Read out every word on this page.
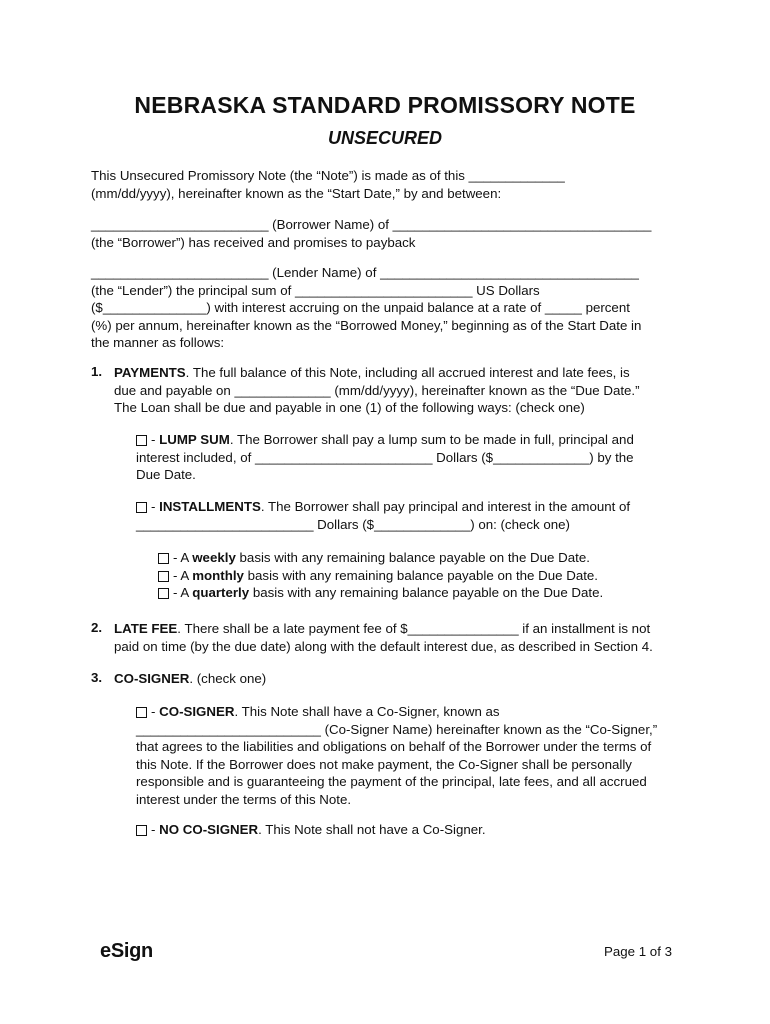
NEBRASKA STANDARD PROMISSORY NOTE
UNSECURED
This Unsecured Promissory Note (the “Note”) is made as of this _____________
(mm/dd/yyyy), hereinafter known as the “Start Date,” by and between:
________________________ (Borrower Name) of ___________________________________
(the “Borrower”) has received and promises to payback
________________________ (Lender Name) of ___________________________________
(the “Lender”) the principal sum of ________________________ US Dollars
($______________) with interest accruing on the unpaid balance at a rate of _____ percent
(%) per annum, hereinafter known as the “Borrowed Money,” beginning as of the Start Date in
the manner as follows:
1. PAYMENTS. The full balance of this Note, including all accrued interest and late fees, is
due and payable on _____________ (mm/dd/yyyy), hereinafter known as the “Due Date.”
The Loan shall be due and payable in one (1) of the following ways: (check one)
- LUMP SUM. The Borrower shall pay a lump sum to be made in full, principal and
interest included, of ________________________ Dollars ($_____________) by the
Due Date.
- INSTALLMENTS. The Borrower shall pay principal and interest in the amount of
________________________ Dollars ($_____________) on: (check one)
- A weekly basis with any remaining balance payable on the Due Date.
- A monthly basis with any remaining balance payable on the Due Date.
- A quarterly basis with any remaining balance payable on the Due Date.
2. LATE FEE. There shall be a late payment fee of $_______________ if an installment is not
paid on time (by the due date) along with the default interest due, as described in Section 4.
3. CO-SIGNER. (check one)
- CO-SIGNER. This Note shall have a Co-Signer, known as
_________________________ (Co-Signer Name) hereinafter known as the “Co-Signer,”
that agrees to the liabilities and obligations on behalf of the Borrower under the terms of
this Note. If the Borrower does not make payment, the Co-Signer shall be personally
responsible and is guaranteeing the payment of the principal, late fees, and all accrued
interest under the terms of this Note.
- NO CO-SIGNER. This Note shall not have a Co-Signer.
eSign	Page 1 of 3
